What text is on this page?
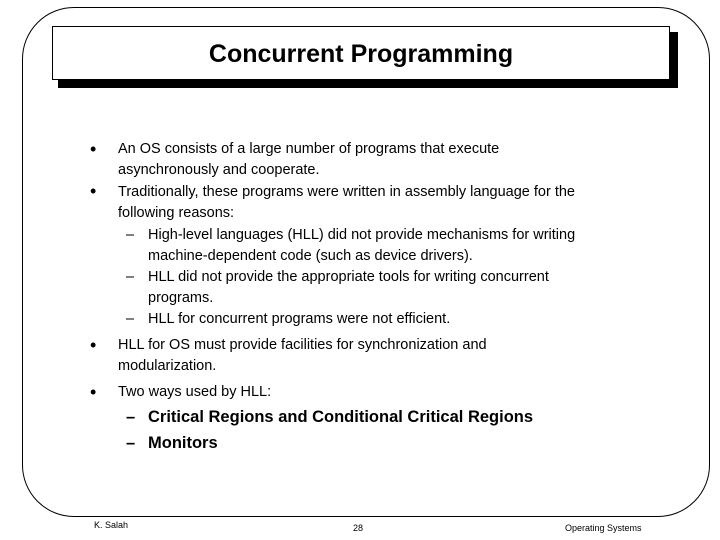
Concurrent Programming
• An OS consists of a large number of programs that execute
asynchronously and cooperate.
• Traditionally, these programs were written in assembly language for the
following reasons:
– High-level languages (HLL) did not provide mechanisms for writing
machine-dependent code (such as device drivers).
– HLL did not provide the appropriate tools for writing concurrent
programs.
– HLL for concurrent programs were not efficient.
• HLL for OS must provide facilities for synchronization and
modularization.
• Two ways used by HLL:
– Critical Regions and Conditional Critical Regions
– Monitors
K. Salah	28	Operating Systems
